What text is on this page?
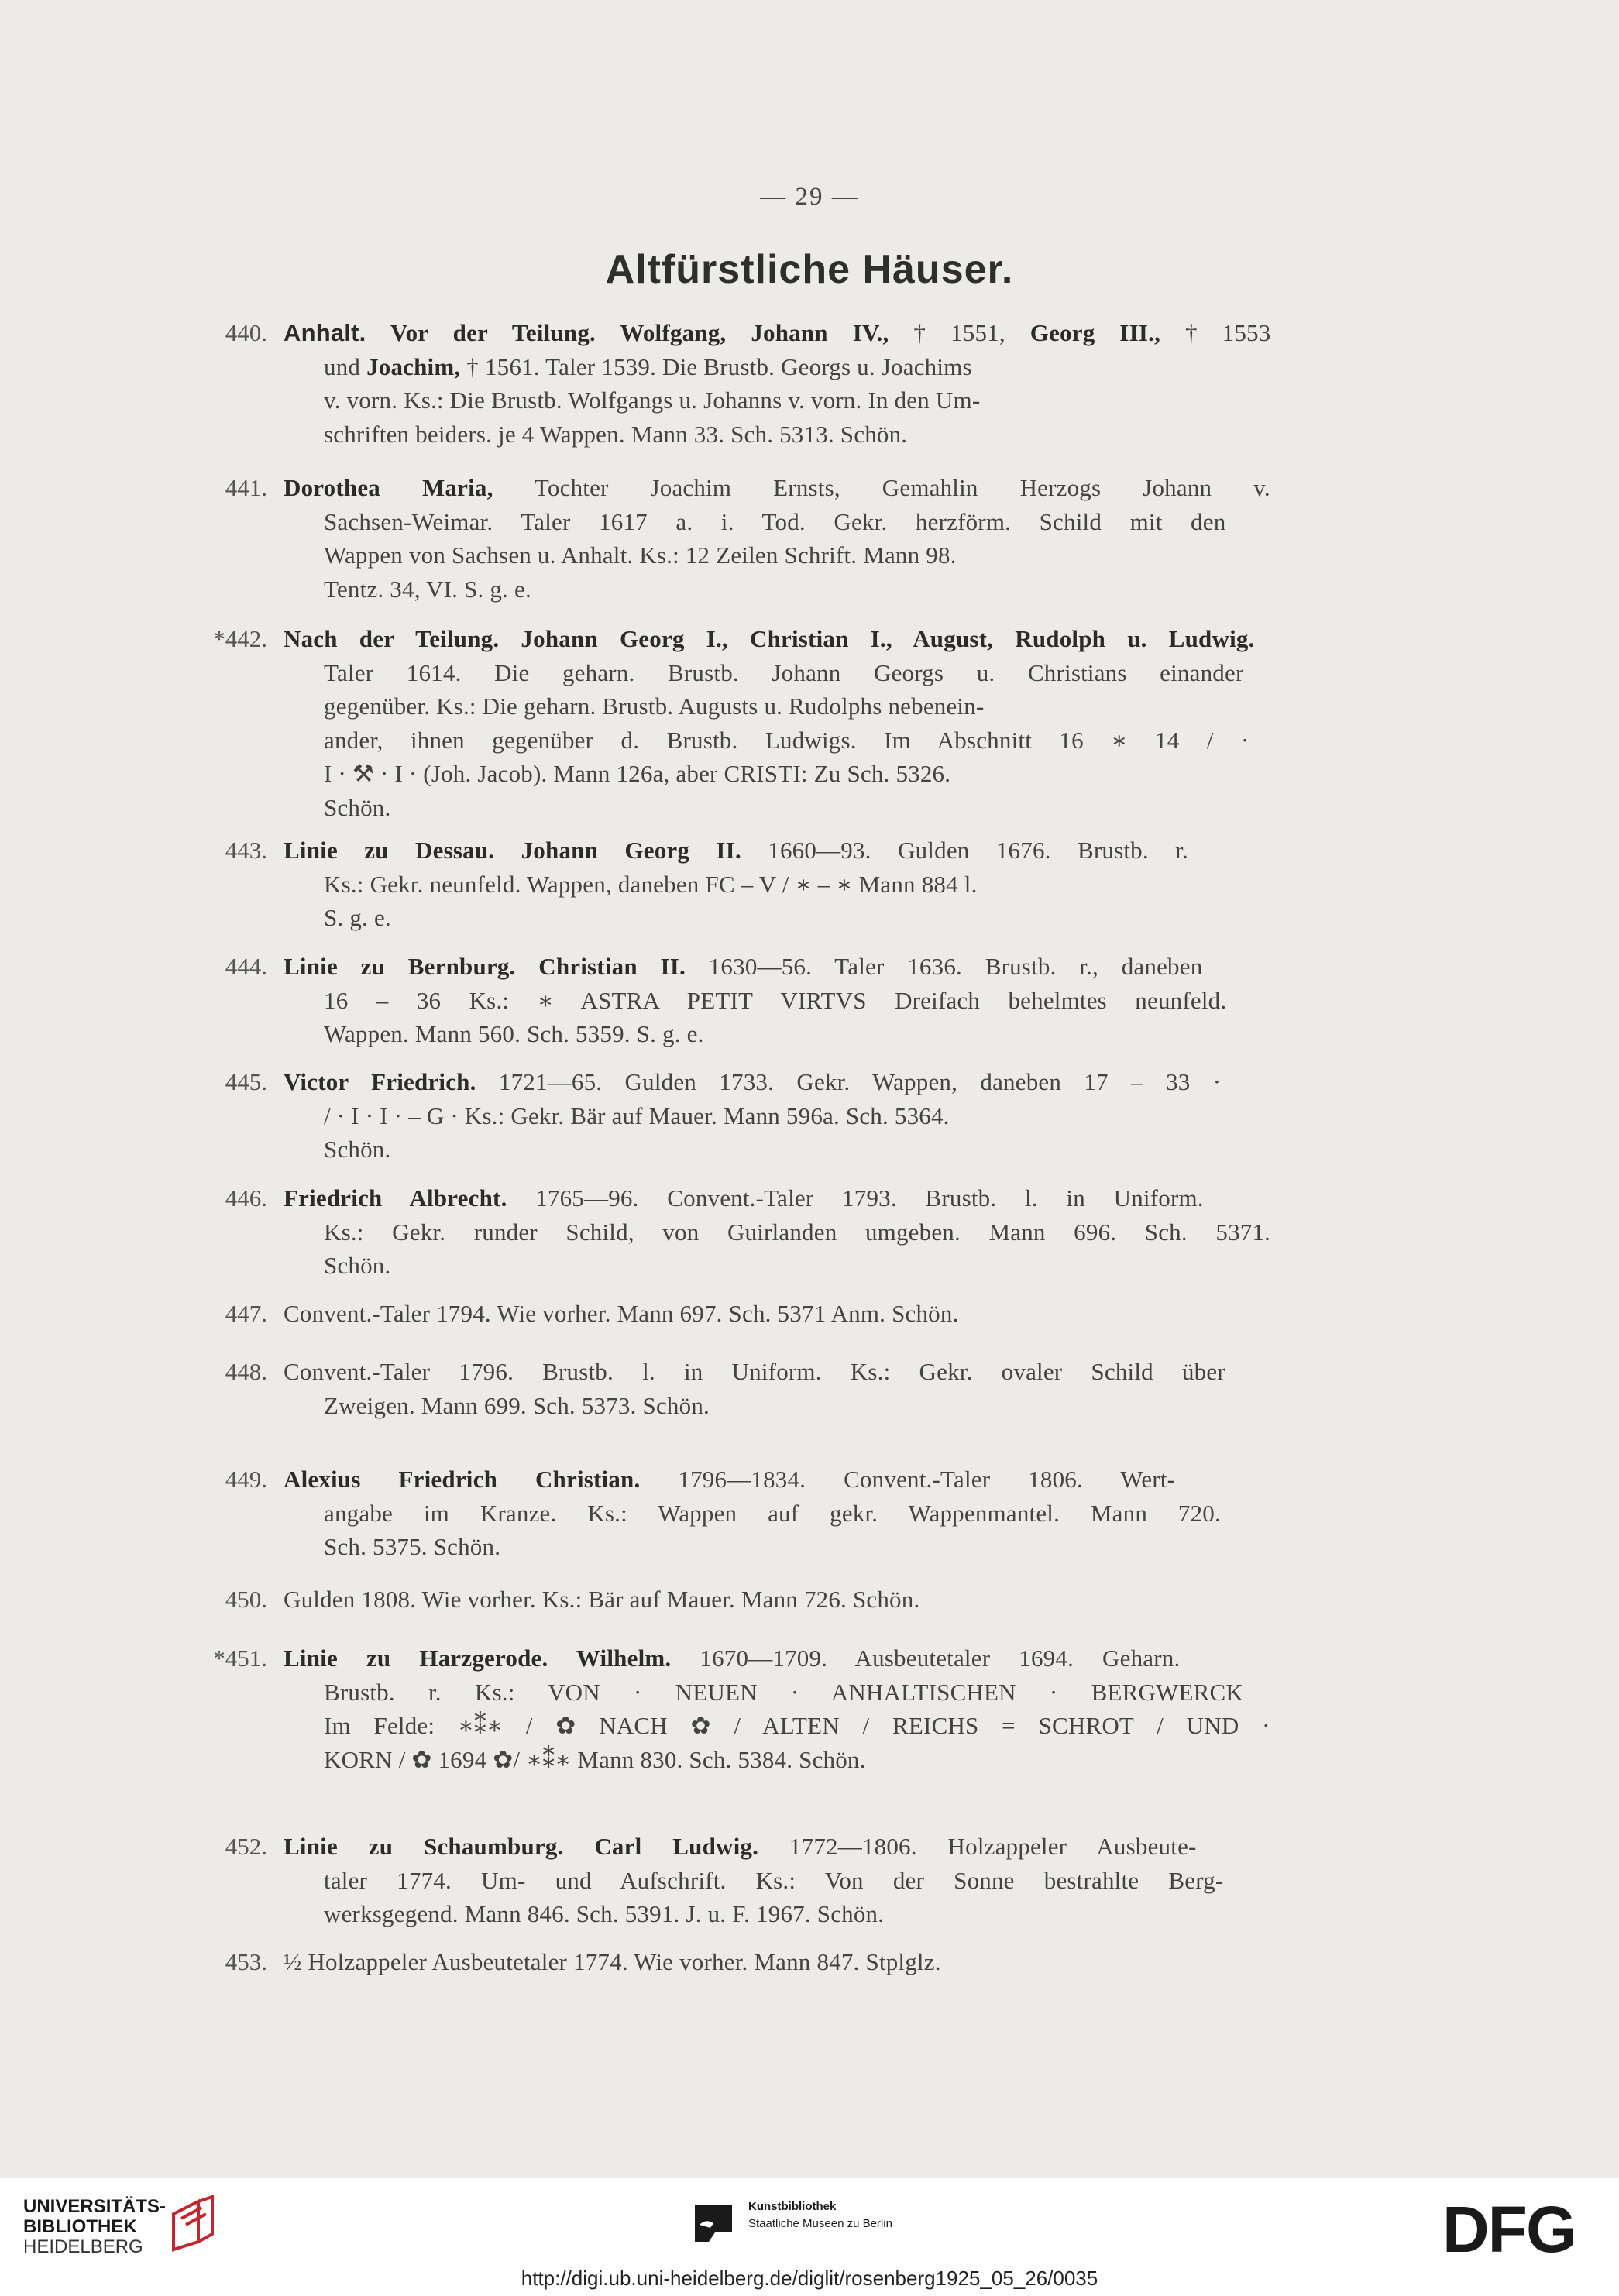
— 29 —
Altfürstliche Häuser.
440. Anhalt. Vor der Teilung. Wolfgang, Johann IV., † 1551, Georg III., † 1553
und Joachim, † 1561. Taler 1539. Die Brustb. Georgs u. Joachims
v. vorn. Ks.: Die Brustb. Wolfgangs u. Johanns v. vorn. In den Um-
schriften beiders. je 4 Wappen. Mann 33. Sch. 5313. Schön.
441. Dorothea Maria, Tochter Joachim Ernsts, Gemahlin Herzogs Johann v.
Sachsen-Weimar. Taler 1617 a. i. Tod. Gekr. herzförm. Schild mit den
Wappen von Sachsen u. Anhalt. Ks.: 12 Zeilen Schrift. Mann 98.
Tentz. 34, VI. S. g. e.
*442. Nach der Teilung. Johann Georg I., Christian I., August, Rudolph u. Ludwig.
Taler 1614. Die geharn. Brustb. Johann Georgs u. Christians einander
gegenüber. Ks.: Die geharn. Brustb. Augusts u. Rudolphs nebenein-
ander, ihnen gegenüber d. Brustb. Ludwigs. Im Abschnitt 16 ∗ 14 / ·
I · ⚒ · I · (Joh. Jacob). Mann 126a, aber CRISTI: Zu Sch. 5326.
Schön.
443. Linie zu Dessau. Johann Georg II. 1660—93. Gulden 1676. Brustb. r.
Ks.: Gekr. neunfeld. Wappen, daneben FC – V / ∗ – ∗ Mann 884 l.
S. g. e.
444. Linie zu Bernburg. Christian II. 1630—56. Taler 1636. Brustb. r., daneben
16 – 36 Ks.: ∗ ASTRA PETIT VIRTVS Dreifach behelmtes neunfeld.
Wappen. Mann 560. Sch. 5359. S. g. e.
445. Victor Friedrich. 1721—65. Gulden 1733. Gekr. Wappen, daneben 17 – 33 ·
/ · I · I · – G · Ks.: Gekr. Bär auf Mauer. Mann 596a. Sch. 5364.
Schön.
446. Friedrich Albrecht. 1765—96. Convent.-Taler 1793. Brustb. l. in Uniform.
Ks.: Gekr. runder Schild, von Guirlanden umgeben. Mann 696. Sch. 5371.
Schön.
447. Convent.-Taler 1794. Wie vorher. Mann 697. Sch. 5371 Anm. Schön.
448. Convent.-Taler 1796. Brustb. l. in Uniform. Ks.: Gekr. ovaler Schild über
Zweigen. Mann 699. Sch. 5373. Schön.
449. Alexius Friedrich Christian. 1796—1834. Convent.-Taler 1806. Wert-
angabe im Kranze. Ks.: Wappen auf gekr. Wappenmantel. Mann 720.
Sch. 5375. Schön.
450. Gulden 1808. Wie vorher. Ks.: Bär auf Mauer. Mann 726. Schön.
*451. Linie zu Harzgerode. Wilhelm. 1670—1709. Ausbeutetaler 1694. Geharn.
Brustb. r. Ks.: VON · NEUEN · ANHALTISCHEN · BERGWERCK
Im Felde: ∗⁑∗ / ✿ NACH ✿ / ALTEN / REICHS = SCHROT / UND ·
KORN / ✿ 1694 ✿/ ∗⁑∗ Mann 830. Sch. 5384. Schön.
452. Linie zu Schaumburg. Carl Ludwig. 1772—1806. Holzappeler Ausbeute-
taler 1774. Um- und Aufschrift. Ks.: Von der Sonne bestrahlte Berg-
werksgegend. Mann 846. Sch. 5391. J. u. F. 1967. Schön.
453. ½ Holzappeler Ausbeutetaler 1774. Wie vorher. Mann 847. Stplglz.
UNIVERSITÄTS-
BIBLIOTHEK
HEIDELBERG
Kunstbibliothek
Staatliche Museen zu Berlin	DFG
http://digi.ub.uni-heidelberg.de/diglit/rosenberg1925_05_26/0035
